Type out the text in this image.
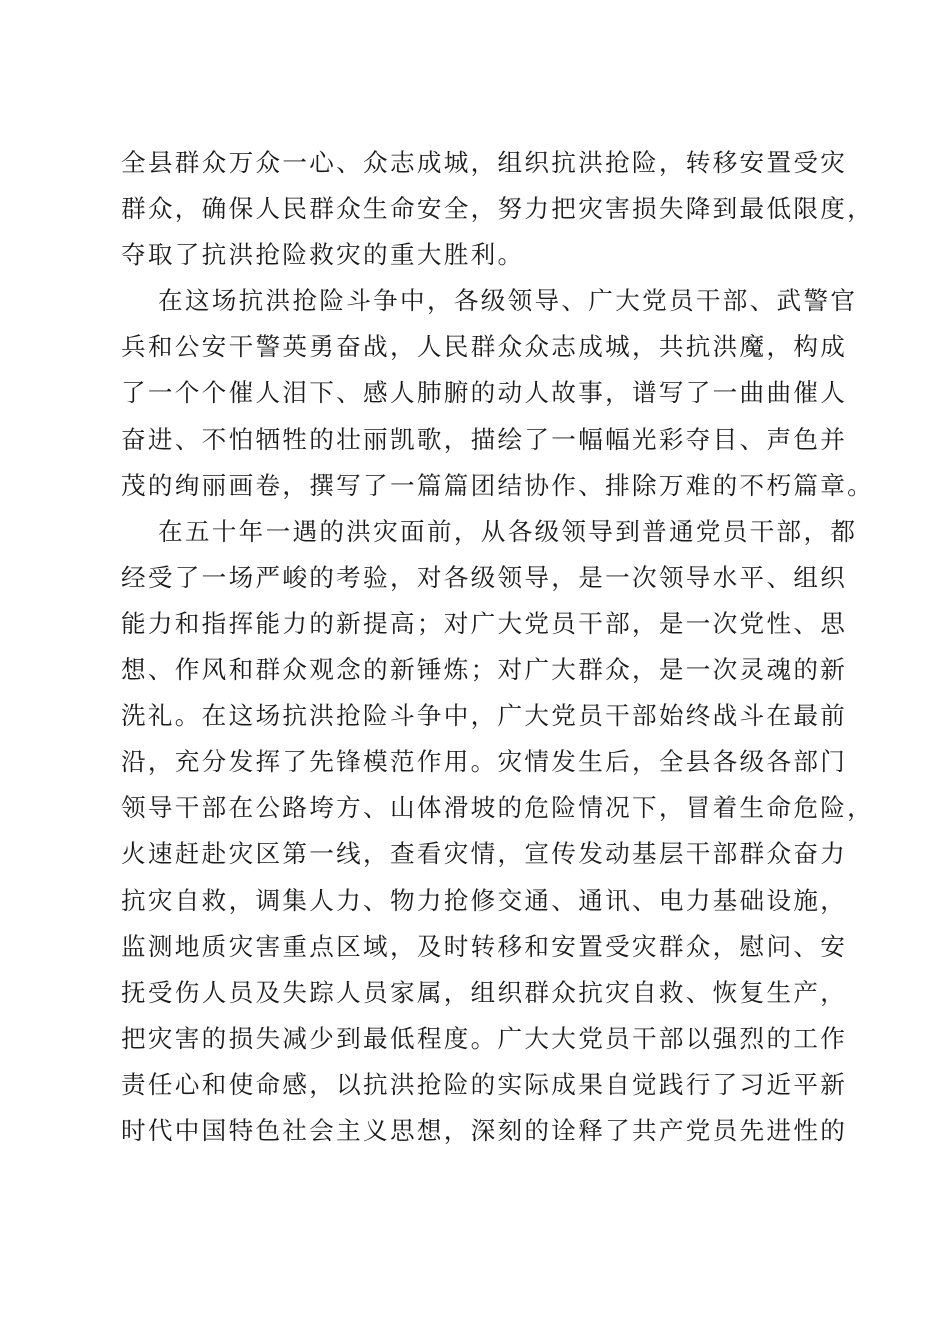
全县群众万众一心、众志成城，组织抗洪抢险，转移安置受灾
群众，确保人民群众生命安全，努力把灾害损失降到最低限度，
夺取了抗洪抢险救灾的重大胜利。
在这场抗洪抢险斗争中，各级领导、广大党员干部、武警官
兵和公安干警英勇奋战，人民群众众志成城，共抗洪魔，构成
了一个个催人泪下、感人肺腑的动人故事，谱写了一曲曲催人
奋进、不怕牺牲的壮丽凯歌，描绘了一幅幅光彩夺目、声色并
茂的绚丽画卷，撰写了一篇篇团结协作、排除万难的不朽篇章。
在五十年一遇的洪灾面前，从各级领导到普通党员干部，都
经受了一场严峻的考验，对各级领导，是一次领导水平、组织
能力和指挥能力的新提高；对广大党员干部，是一次党性、思
想、作风和群众观念的新锤炼；对广大群众，是一次灵魂的新
洗礼。在这场抗洪抢险斗争中，广大党员干部始终战斗在最前
沿，充分发挥了先锋模范作用。灾情发生后，全县各级各部门
领导干部在公路垮方、山体滑坡的危险情况下，冒着生命危险，
火速赶赴灾区第一线，查看灾情，宣传发动基层干部群众奋力
抗灾自救，调集人力、物力抢修交通、通讯、电力基础设施，
监测地质灾害重点区域，及时转移和安置受灾群众，慰问、安
抚受伤人员及失踪人员家属，组织群众抗灾自救、恢复生产，
把灾害的损失减少到最低程度。广大大党员干部以强烈的工作
责任心和使命感，以抗洪抢险的实际成果自觉践行了习近平新
时代中国特色社会主义思想，深刻的诠释了共产党员先进性的
